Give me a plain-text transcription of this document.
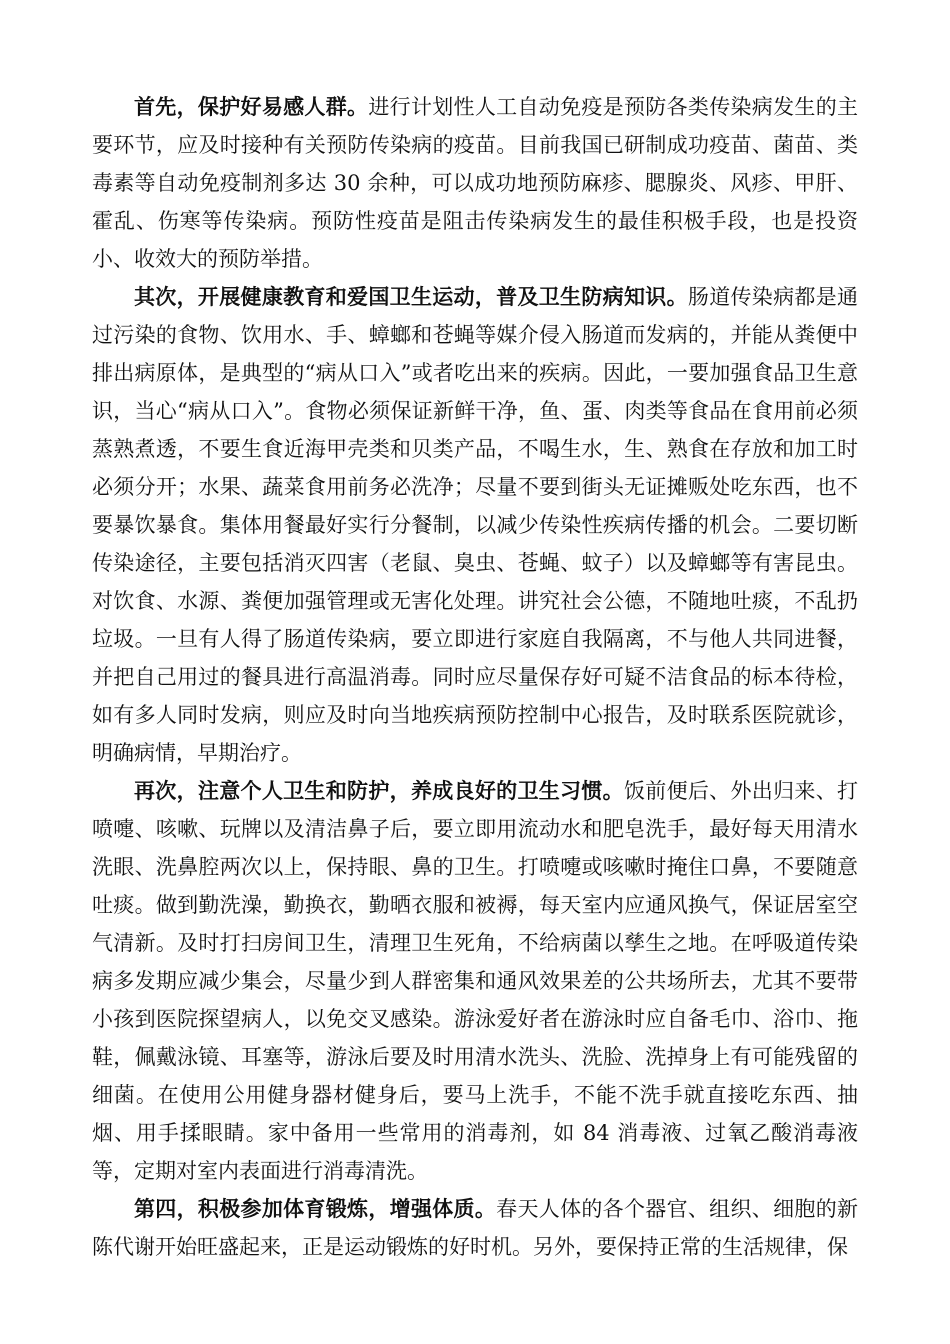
首先，保护好易感人群。进行计划性人工自动免疫是预防各类传染病发生的主要环节，应及时接种有关预防传染病的疫苗。目前我国已研制成功疫苗、菌苗、类毒素等自动免疫制剂多达 30 余种，可以成功地预防麻疹、腮腺炎、风疹、甲肝、霍乱、伤寒等传染病。预防性疫苗是阻击传染病发生的最佳积极手段，也是投资小、收效大的预防举措。

其次，开展健康教育和爱国卫生运动，普及卫生防病知识。肠道传染病都是通过污染的食物、饮用水、手、蟑螂和苍蝇等媒介侵入肠道而发病的，并能从粪便中排出病原体，是典型的“病从口入”或者吃出来的疾病。因此，一要加强食品卫生意识，当心“病从口入”。食物必须保证新鲜干净，鱼、蛋、肉类等食品在食用前必须蒸熟煮透，不要生食近海甲壳类和贝类产品，不喝生水，生、熟食在存放和加工时必须分开；水果、蔬菜食用前务必洗净；尽量不要到街头无证摊贩处吃东西，也不要暴饮暴食。集体用餐最好实行分餐制，以减少传染性疾病传播的机会。二要切断传染途径，主要包括消灭四害（老鼠、臭虫、苍蝇、蚊子）以及蟑螂等有害昆虫。对饮食、水源、粪便加强管理或无害化处理。讲究社会公德，不随地吐痰，不乱扔垃圾。一旦有人得了肠道传染病，要立即进行家庭自我隔离，不与他人共同进餐，并把自己用过的餐具进行高温消毒。同时应尽量保存好可疑不洁食品的标本待检，如有多人同时发病，则应及时向当地疾病预防控制中心报告，及时联系医院就诊，明确病情，早期治疗。

再次，注意个人卫生和防护，养成良好的卫生习惯。饭前便后、外出归来、打喷嚏、咳嗽、玩牌以及清洁鼻子后，要立即用流动水和肥皂洗手，最好每天用清水洗眼、洗鼻腔两次以上，保持眼、鼻的卫生。打喷嚏或咳嗽时掩住口鼻，不要随意吐痰。做到勤洗澡，勤换衣，勤晒衣服和被褥，每天室内应通风换气，保证居室空气清新。及时打扫房间卫生，清理卫生死角，不给病菌以孳生之地。在呼吸道传染病多发期应减少集会，尽量少到人群密集和通风效果差的公共场所去，尤其不要带小孩到医院探望病人，以免交叉感染。游泳爱好者在游泳时应自备毛巾、浴巾、拖鞋，佩戴泳镜、耳塞等，游泳后要及时用清水洗头、洗脸、洗掉身上有可能残留的细菌。在使用公用健身器材健身后，要马上洗手，不能不洗手就直接吃东西、抽烟、用手揉眼睛。家中备用一些常用的消毒剂，如 84 消毒液、过氧乙酸消毒液等，定期对室内表面进行消毒清洗。

第四，积极参加体育锻炼，增强体质。春天人体的各个器官、组织、细胞的新陈代谢开始旺盛起来，正是运动锻炼的好时机。另外，要保持正常的生活规律，保
